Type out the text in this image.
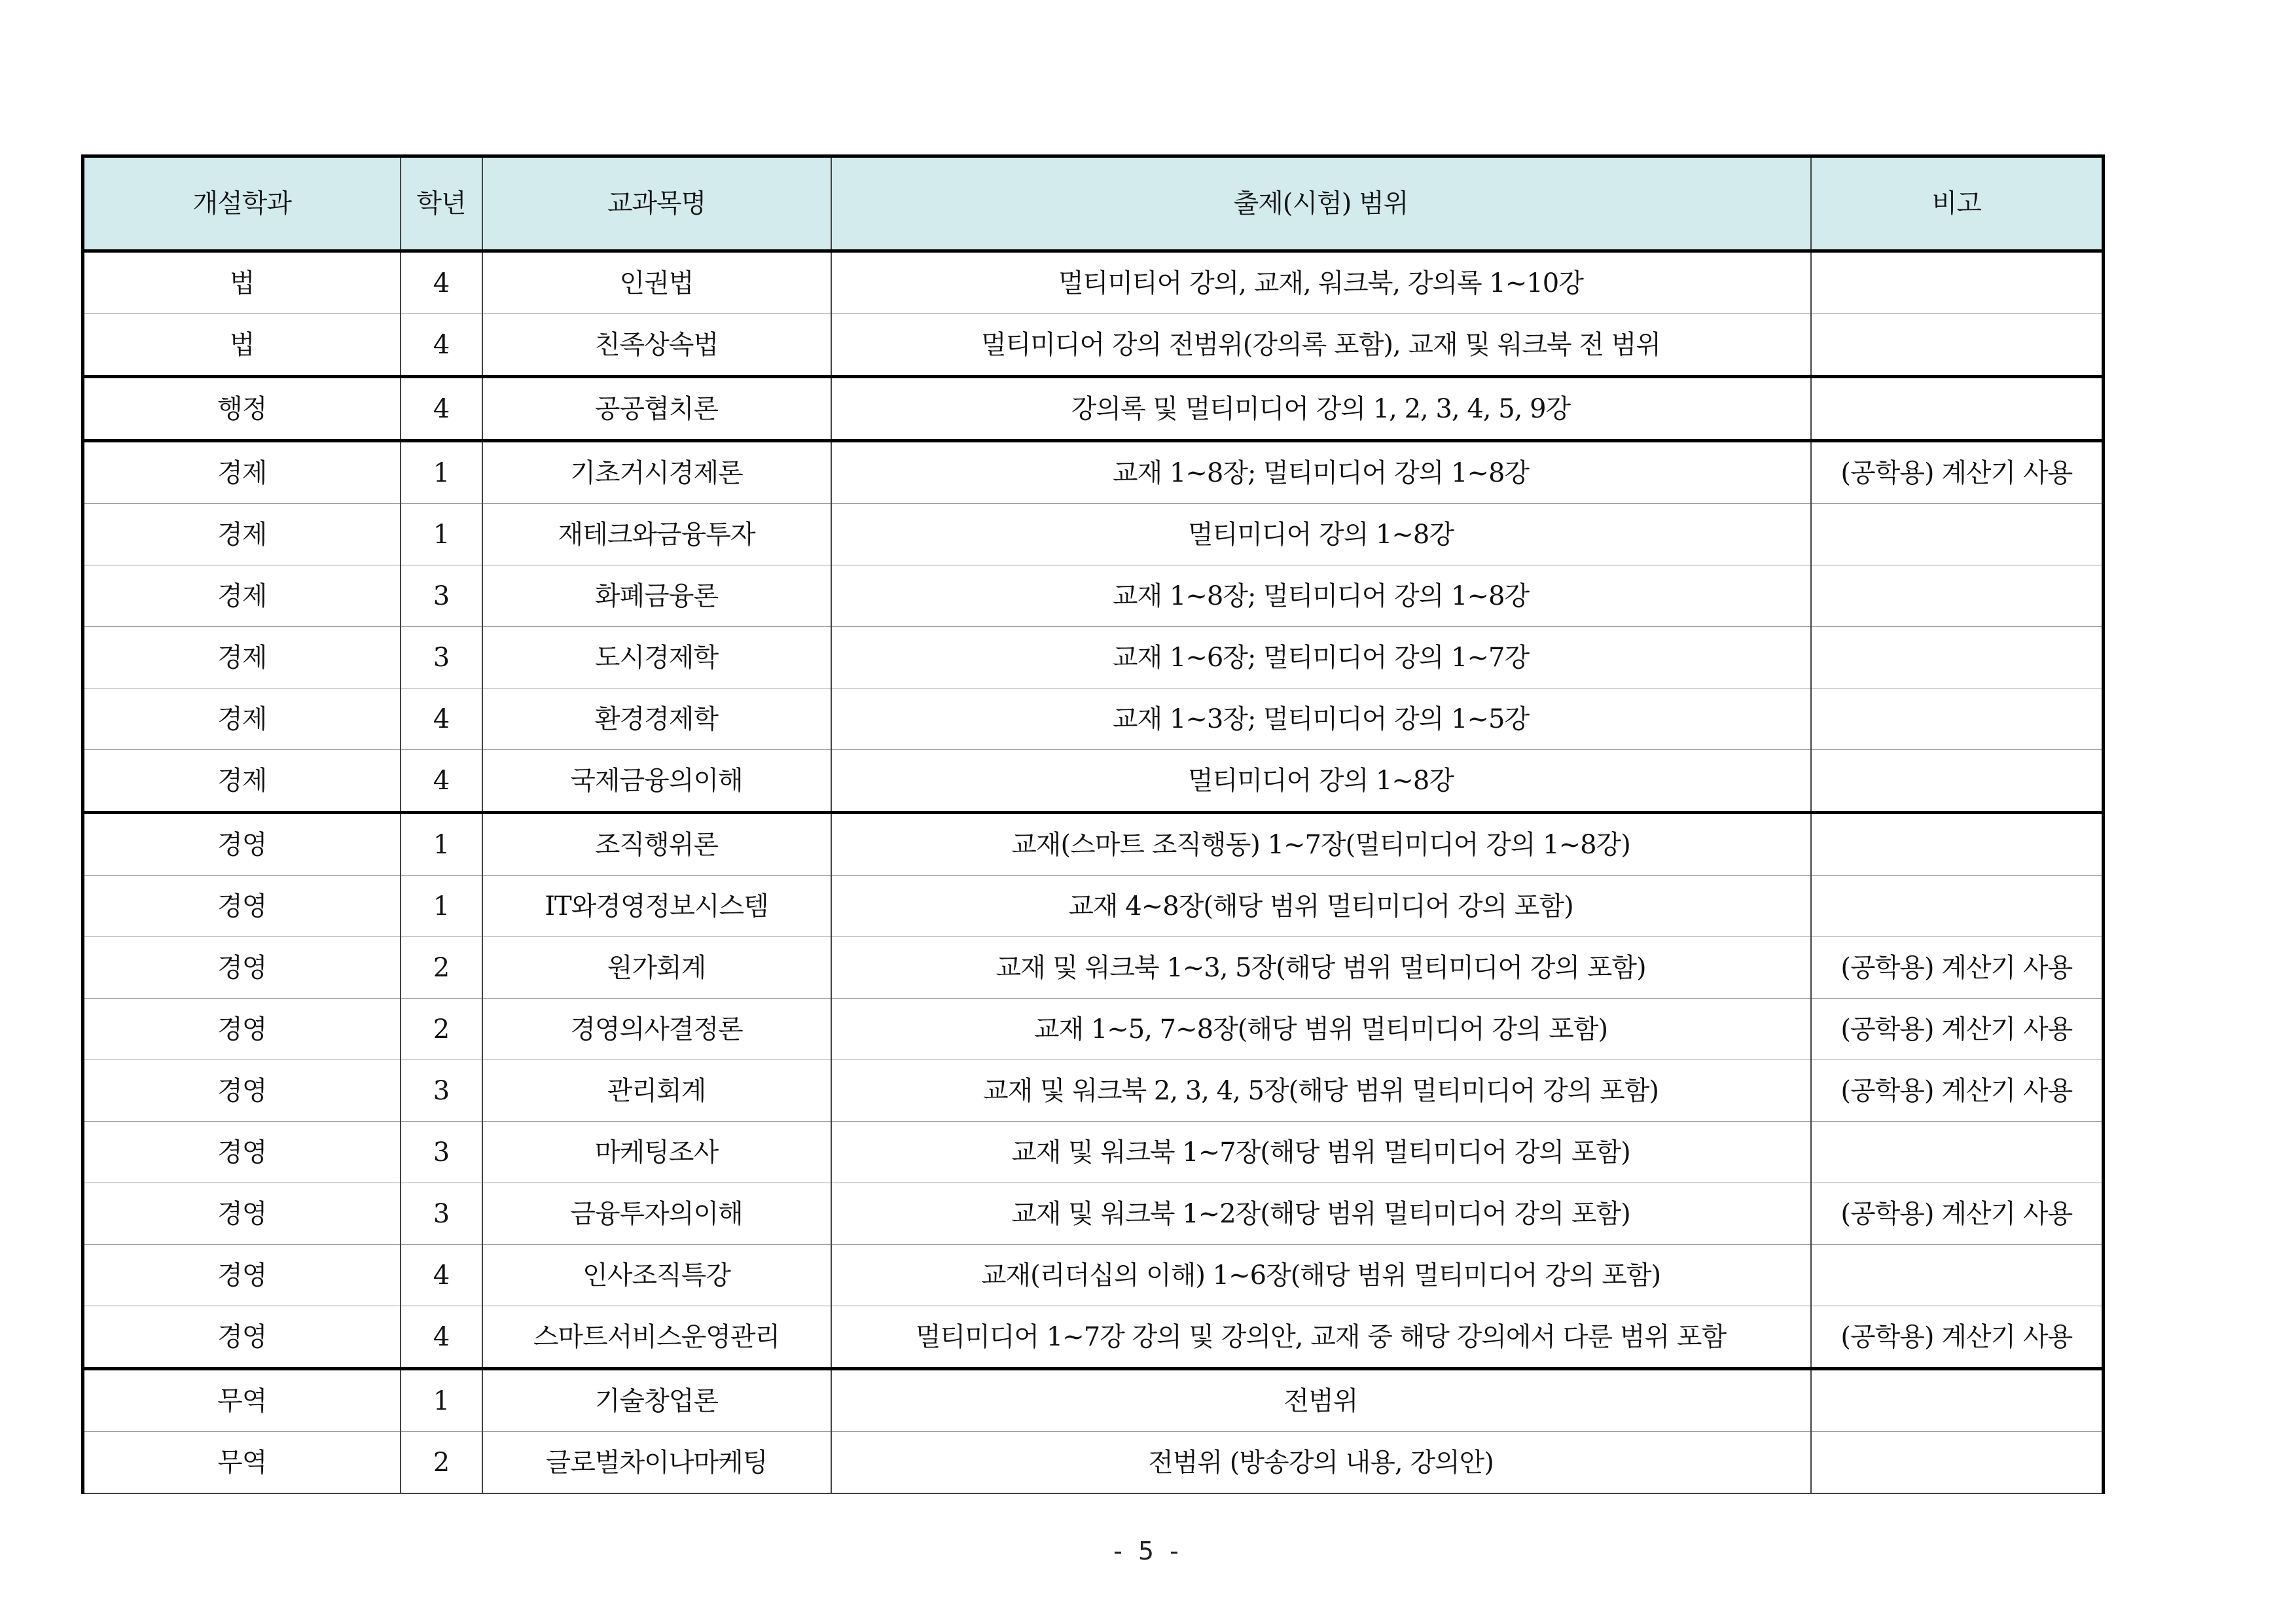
개설학과	학년	교과목명	출제(시험) 범위	비고
법	4	인권법	멀티미티어 강의, 교재, 워크북, 강의록 1~10강	
법	4	친족상속법	멀티미디어 강의 전범위(강의록 포함), 교재 및 워크북 전 범위	
행정	4	공공협치론	강의록 및 멀티미디어 강의 1, 2, 3, 4, 5, 9강	
경제	1	기초거시경제론	교재 1~8장; 멀티미디어 강의 1~8강	(공학용) 계산기 사용
경제	1	재테크와금융투자	멀티미디어 강의 1~8강	
경제	3	화폐금융론	교재 1~8장; 멀티미디어 강의 1~8강	
경제	3	도시경제학	교재 1~6장; 멀티미디어 강의 1~7강	
경제	4	환경경제학	교재 1~3장; 멀티미디어 강의 1~5강	
경제	4	국제금융의이해	멀티미디어 강의 1~8강	
경영	1	조직행위론	교재(스마트 조직행동) 1~7장(멀티미디어 강의 1~8강)	
경영	1	IT와경영정보시스템	교재 4~8장(해당 범위 멀티미디어 강의 포함)	
경영	2	원가회계	교재 및 워크북 1~3, 5장(해당 범위 멀티미디어 강의 포함)	(공학용) 계산기 사용
경영	2	경영의사결정론	교재 1~5, 7~8장(해당 범위 멀티미디어 강의 포함)	(공학용) 계산기 사용
경영	3	관리회계	교재 및 워크북 2, 3, 4, 5장(해당 범위 멀티미디어 강의 포함)	(공학용) 계산기 사용
경영	3	마케팅조사	교재 및 워크북 1~7장(해당 범위 멀티미디어 강의 포함)	
경영	3	금융투자의이해	교재 및 워크북 1~2장(해당 범위 멀티미디어 강의 포함)	(공학용) 계산기 사용
경영	4	인사조직특강	교재(리더십의 이해) 1~6장(해당 범위 멀티미디어 강의 포함)	
경영	4	스마트서비스운영관리	멀티미디어 1~7강 강의 및 강의안, 교재 중 해당 강의에서 다룬 범위 포함	(공학용) 계산기 사용
무역	1	기술창업론	전범위	
무역	2	글로벌차이나마케팅	전범위 (방송강의 내용, 강의안)	
- 5 -
